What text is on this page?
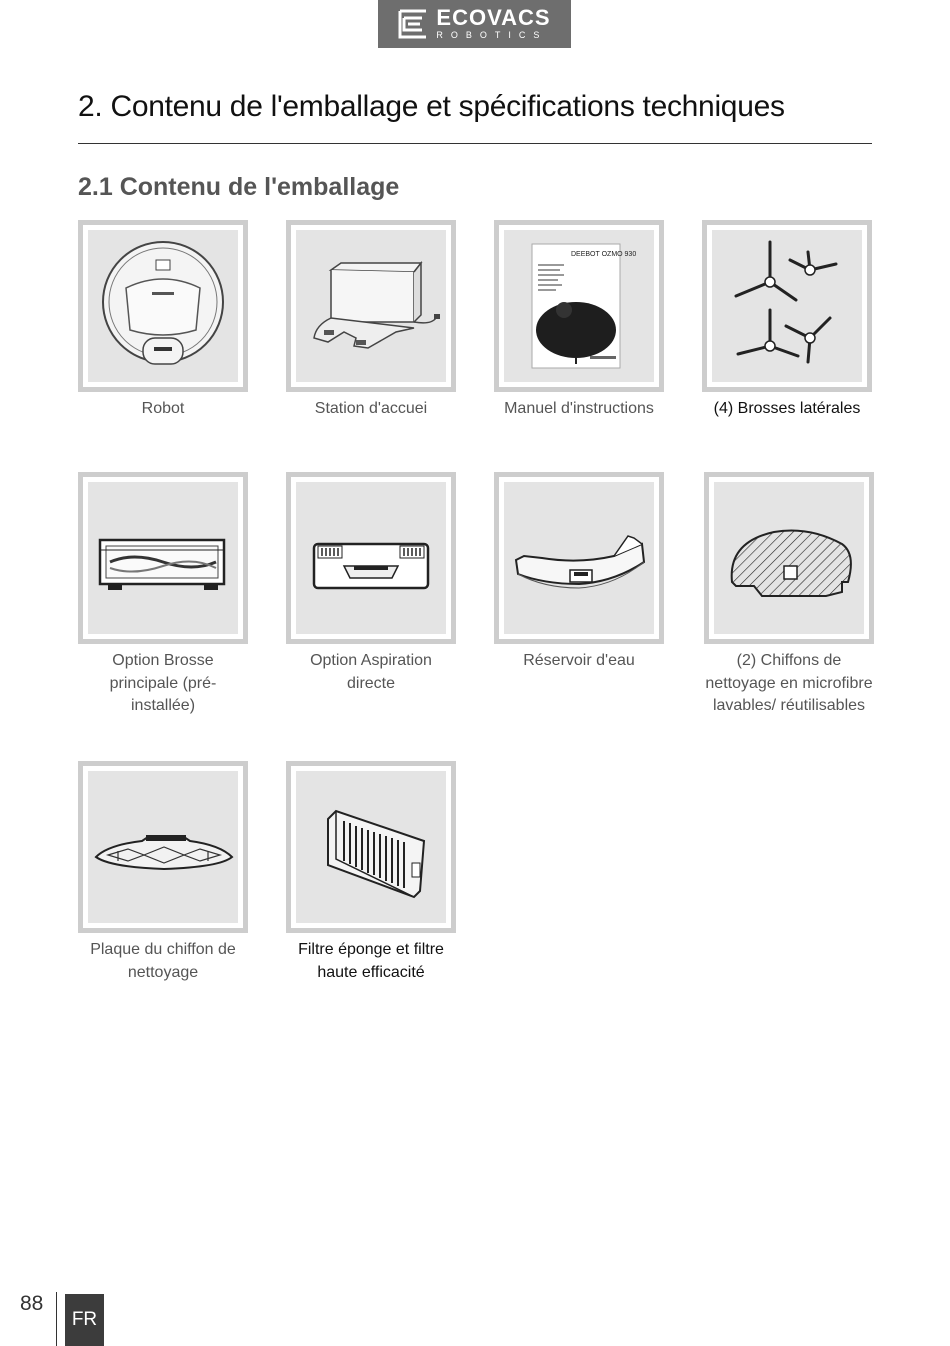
ECOVACS
ROBOTICS
2. Contenu de l'emballage et spécifications techniques
2.1 Contenu de l'emballage
Robot	Station d'accuei
DEEBOT OZMO 930
Manuel d'instructions	(4) Brosses latérales
Option Brosse principale (pré-installée)
Option Aspiration directe
Réservoir d'eau	(2) Chiffons de nettoyage en microfibre lavables/ réutilisables
Plaque du chiffon de nettoyage
Filtre éponge et filtre haute efficacité
88
FR
